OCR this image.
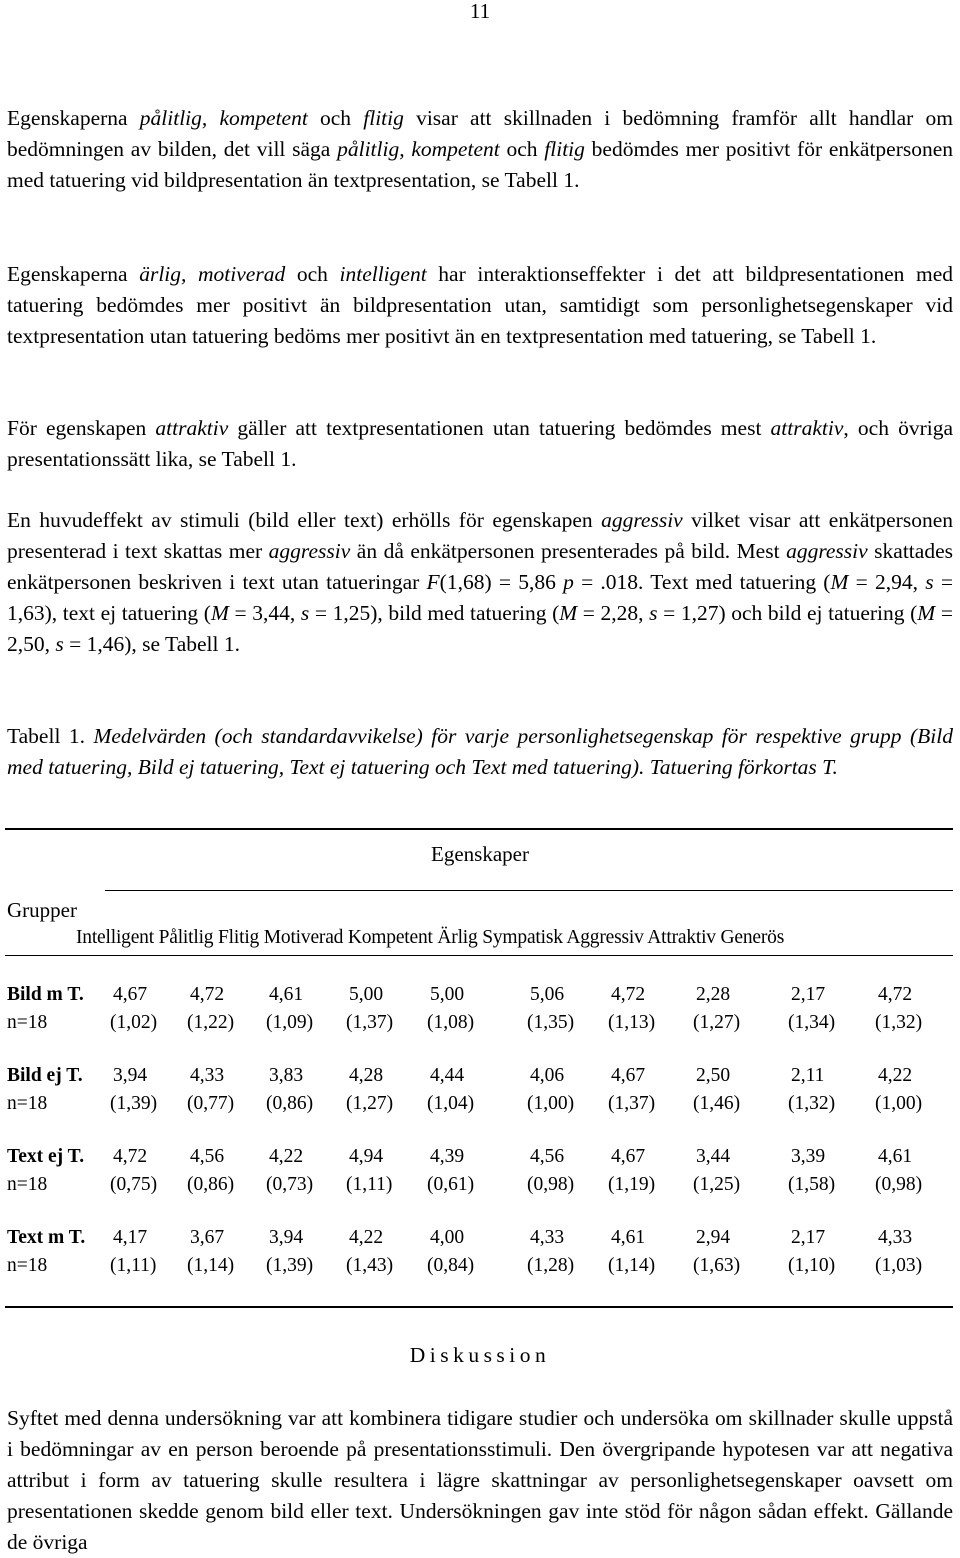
11

Egenskaperna pålitlig, kompetent och flitig visar att skillnaden i bedömning framför allt handlar om bedömningen av bilden, det vill säga pålitlig, kompetent och flitig bedömdes mer positivt för enkätpersonen med tatuering vid bildpresentation än textpresentation, se Tabell 1.

Egenskaperna ärlig, motiverad och intelligent har interaktionseffekter i det att bildpresentationen med tatuering bedömdes mer positivt än bildpresentation utan, samtidigt som personlighetsegenskaper vid textpresentation utan tatuering bedöms mer positivt än en textpresentation med tatuering, se Tabell 1.

För egenskapen attraktiv gäller att textpresentationen utan tatuering bedömdes mest attraktiv, och övriga presentationssätt lika, se Tabell 1.

En huvudeffekt av stimuli (bild eller text) erhölls för egenskapen aggressiv vilket visar att enkätpersonen presenterad i text skattas mer aggressiv än då enkätpersonen presenterades på bild. Mest aggressiv skattades enkätpersonen beskriven i text utan tatueringar F(1,68) = 5,86 p = .018. Text med tatuering (M = 2,94, s = 1,63), text ej tatuering (M = 3,44, s = 1,25), bild med tatuering (M = 2,28, s = 1,27) och bild ej tatuering (M = 2,50, s = 1,46), se Tabell 1.

Tabell 1. Medelvärden (och standardavvikelse) för varje personlighetsegenskap för respektive grupp (Bild med tatuering, Bild ej tatuering, Text ej tatuering och Text med tatuering). Tatuering förkortas T.

Egenskaper
Grupper
Intelligent Pålitlig Flitig Motiverad Kompetent Ärlig Sympatisk Aggressiv Attraktiv Generös
Bild m T.
n=18
4,67 4,72 4,61 5,00 5,00	5,06 4,72	2,28	2,17	4,72
(1,02) (1,22) (1,09) (1,37) (1,08)	(1,35) (1,13) (1,27) (1,34) (1,32)
Bild ej T.
n=18
3,94 4,33 3,83 4,28 4,44	4,06 4,67	2,50	2,11	4,22
(1,39) (0,77) (0,86) (1,27) (1,04)	(1,00) (1,37) (1,46) (1,32) (1,00)
Text ej T.
n=18
4,72 4,56 4,22 4,94 4,39	4,56 4,67	3,44	3,39	4,61
(0,75) (0,86) (0,73) (1,11) (0,61)	(0,98) (1,19) (1,25) (1,58) (0,98)
Text m T.
n=18
4,17 3,67 3,94 4,22 4,00	4,33 4,61	2,94	2,17	4,33
(1,11) (1,14) (1,39) (1,43) (0,84)	(1,28) (1,14) (1,63) (1,10) (1,03)
Diskussion

Syftet med denna undersökning var att kombinera tidigare studier och undersöka om skillnader skulle uppstå i bedömningar av en person beroende på presentationsstimuli. Den övergripande hypotesen var att negativa attribut i form av tatuering skulle resultera i lägre skattningar av personlighetsegenskaper oavsett om presentationen skedde genom bild eller text. Undersökningen gav inte stöd för någon sådan effekt. Gällande de övriga
